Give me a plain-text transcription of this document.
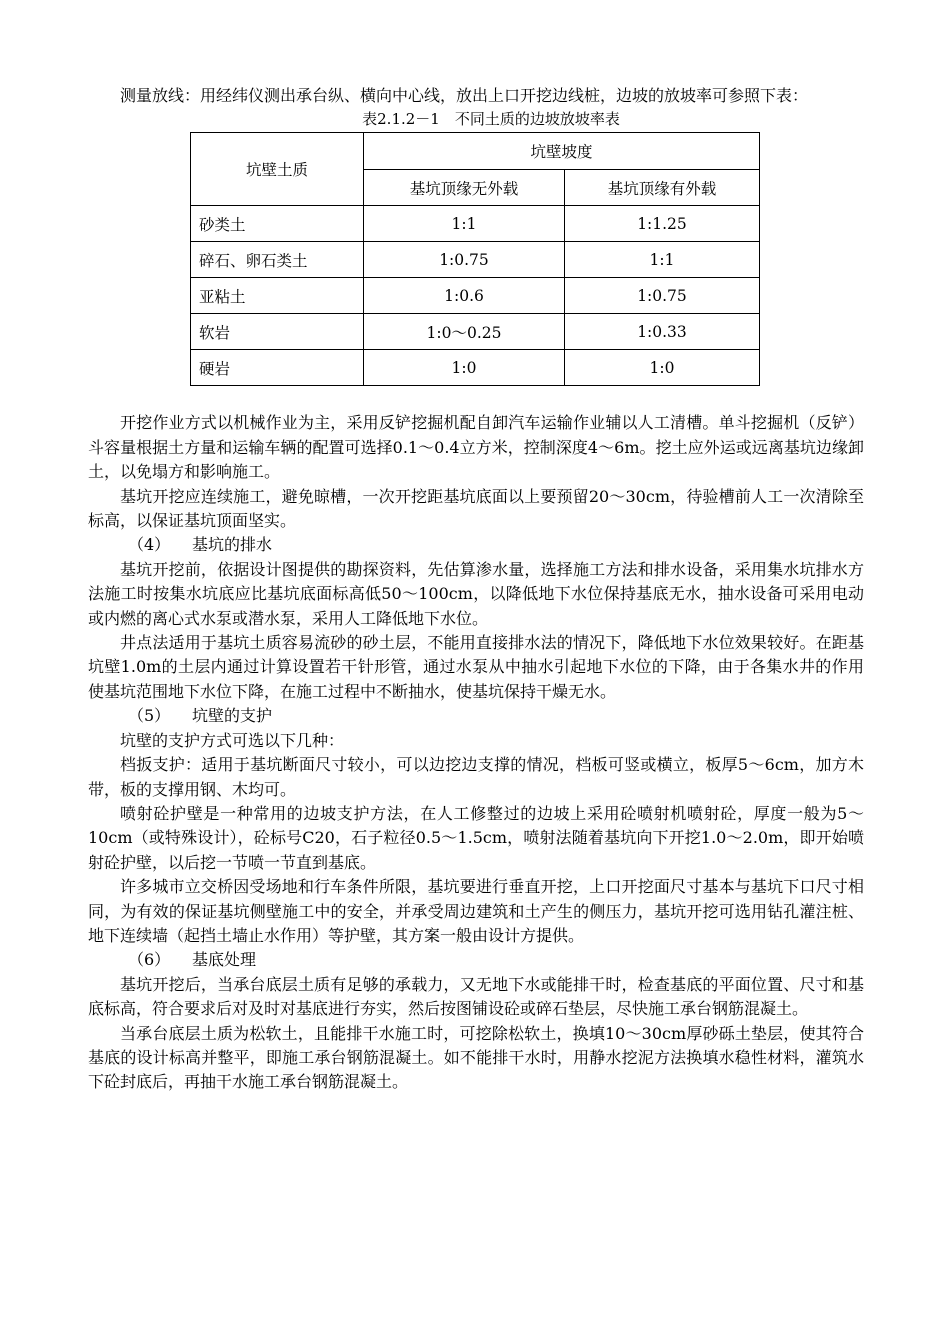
测量放线：用经纬仪测出承台纵、横向中心线，放出上口开挖边线桩，边坡的放坡率可参照下表：

表2.1.2－1　不同土质的边坡放坡率表

坑壁土质	坑壁坡度	
	基坑顶缘无外载	基坑顶缘有外载
砂类土	1:1	1:1.25
碎石、卵石类土	1:0.75	1:1
亚粘土	1:0.6	1:0.75
软岩	1:0～0.25	1:0.33
硬岩	1:0	1:0

开挖作业方式以机械作业为主，采用反铲挖掘机配自卸汽车运输作业辅以人工清槽。单斗挖掘机（反铲）斗容量根据土方量和运输车辆的配置可选择0.1～0.4立方米，控制深度4～6m。挖土应外运或远离基坑边缘卸土，以免塌方和影响施工。

基坑开挖应连续施工，避免晾槽，一次开挖距基坑底面以上要预留20～30cm，待验槽前人工一次清除至标高，以保证基坑顶面坚实。

（4） 基坑的排水

基坑开挖前，依据设计图提供的勘探资料，先估算渗水量，选择施工方法和排水设备，采用集水坑排水方法施工时按集水坑底应比基坑底面标高低50～100cm，以降低地下水位保持基底无水，抽水设备可采用电动或内燃的离心式水泵或潜水泵，采用人工降低地下水位。

井点法适用于基坑土质容易流砂的砂土层，不能用直接排水法的情况下，降低地下水位效果较好。在距基坑壁1.0m的土层内通过计算设置若干针形管，通过水泵从中抽水引起地下水位的下降，由于各集水井的作用使基坑范围地下水位下降，在施工过程中不断抽水，使基坑保持干燥无水。

（5） 坑壁的支护

坑壁的支护方式可选以下几种：

档扳支护：适用于基坑断面尺寸较小，可以边挖边支撑的情况，档板可竖或横立，板厚5～6cm，加方木带，板的支撑用钢、木均可。

喷射砼护壁是一种常用的边坡支护方法，在人工修整过的边坡上采用砼喷射机喷射砼，厚度一般为5～10cm（或特殊设计），砼标号C20，石子粒径0.5～1.5cm，喷射法随着基坑向下开挖1.0～2.0m，即开始喷射砼护壁，以后挖一节喷一节直到基底。

许多城市立交桥因受场地和行车条件所限，基坑要进行垂直开挖，上口开挖面尺寸基本与基坑下口尺寸相同，为有效的保证基坑侧壁施工中的安全，并承受周边建筑和土产生的侧压力，基坑开挖可选用钻孔灌注桩、地下连续墙（起挡土墙止水作用）等护壁，其方案一般由设计方提供。

（6） 基底处理

基坑开挖后，当承台底层土质有足够的承载力，又无地下水或能排干时，检查基底的平面位置、尺寸和基底标高，符合要求后对及时对基底进行夯实，然后按图铺设砼或碎石垫层，尽快施工承台钢筋混凝土。

当承台底层土质为松软土，且能排干水施工时，可挖除松软土，换填10～30cm厚砂砾土垫层，使其符合基底的设计标高并整平，即施工承台钢筋混凝土。如不能排干水时，用静水挖泥方法换填水稳性材料，灌筑水下砼封底后，再抽干水施工承台钢筋混凝土。
